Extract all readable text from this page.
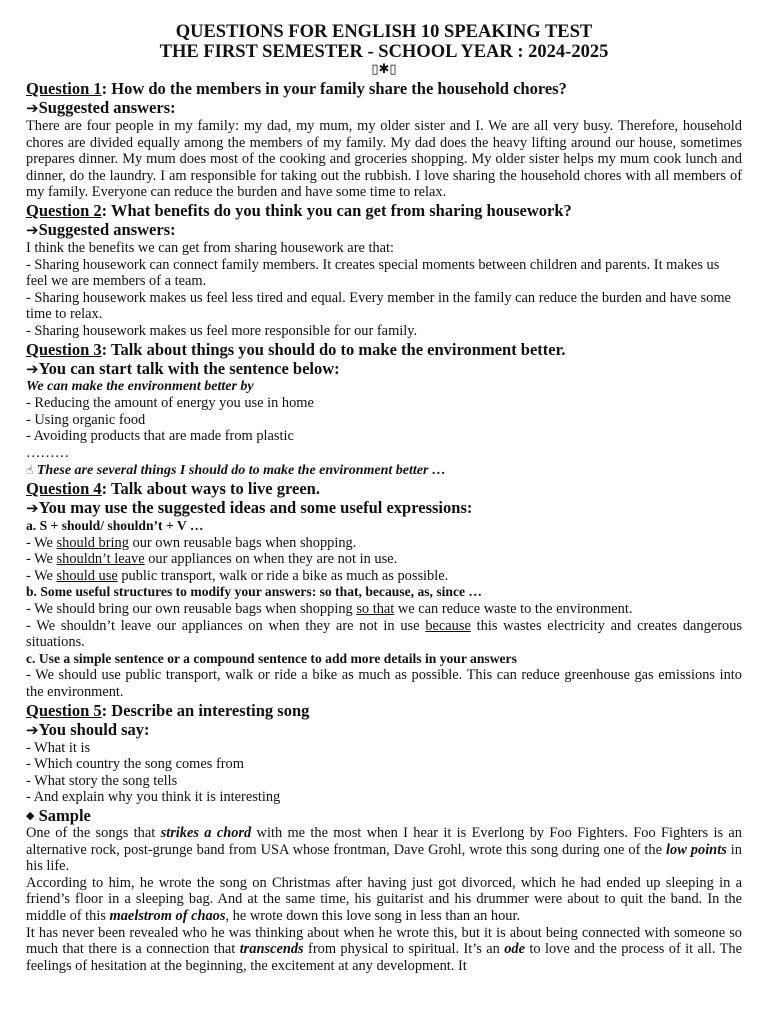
QUESTIONS FOR ENGLISH 10 SPEAKING TEST

THE FIRST SEMESTER - SCHOOL YEAR : 2024-2025

▯✱▯

Question 1: How do the members in your family share the household chores?

➔Suggested answers:

There are four people in my family: my dad, my mum, my older sister and I. We are all very busy. Therefore, household chores are divided equally among the members of my family. My dad does the heavy lifting around our house, sometimes prepares dinner. My mum does most of the cooking and groceries shopping. My older sister helps my mum cook lunch and dinner, do the laundry. I am responsible for taking out the rubbish. I love sharing the household chores with all members of my family. Everyone can reduce the burden and have some time to relax.

Question 2: What benefits do you think you can get from sharing housework?

➔Suggested answers:

I think the benefits we can get from sharing housework are that:

- Sharing housework can connect family members. It creates special moments between children and parents. It makes us feel we are members of a team.

- Sharing housework makes us feel less tired and equal. Every member in the family can reduce the burden and have some time to relax.

- Sharing housework makes us feel more responsible for our family.

Question 3: Talk about things you should do to make the environment better.

➔You can start talk with the sentence below:

We can make the environment better by

- Reducing the amount of energy you use in home

- Using organic food

- Avoiding products that are made from plastic

………

☝ These are several things I should do to make the environment better …

Question 4: Talk about ways to live green.

➔You may use the suggested ideas and some useful expressions:

a. S + should/ shouldn’t + V …

- We should bring our own reusable bags when shopping.

- We shouldn’t leave our appliances on when they are not in use.

- We should use public transport, walk or ride a bike as much as possible.

b. Some useful structures to modify your answers: so that, because, as, since …

- We should bring our own reusable bags when shopping so that we can reduce waste to the environment.

- We shouldn’t leave our appliances on when they are not in use because this wastes electricity and creates dangerous situations.

c. Use a simple sentence or a compound sentence to add more details in your answers

- We should use public transport, walk or ride a bike as much as possible. This can reduce greenhouse gas emissions into the environment.

Question 5: Describe an interesting song

➔You should say:

- What it is

- Which country the song comes from

- What story the song tells

- And explain why you think it is interesting

◆ Sample

One of the songs that strikes a chord with me the most when I hear it is Everlong by Foo Fighters. Foo Fighters is an alternative rock, post-grunge band from USA whose frontman, Dave Grohl, wrote this song during one of the low points in his life.

According to him, he wrote the song on Christmas after having just got divorced, which he had ended up sleeping in a friend’s floor in a sleeping bag. And at the same time, his guitarist and his drummer were about to quit the band. In the middle of this maelstrom of chaos, he wrote down this love song in less than an hour.

It has never been revealed who he was thinking about when he wrote this, but it is about being connected with someone so much that there is a connection that transcends from physical to spiritual. It’s an ode to love and the process of it all. The feelings of hesitation at the beginning, the excitement at any development. It
